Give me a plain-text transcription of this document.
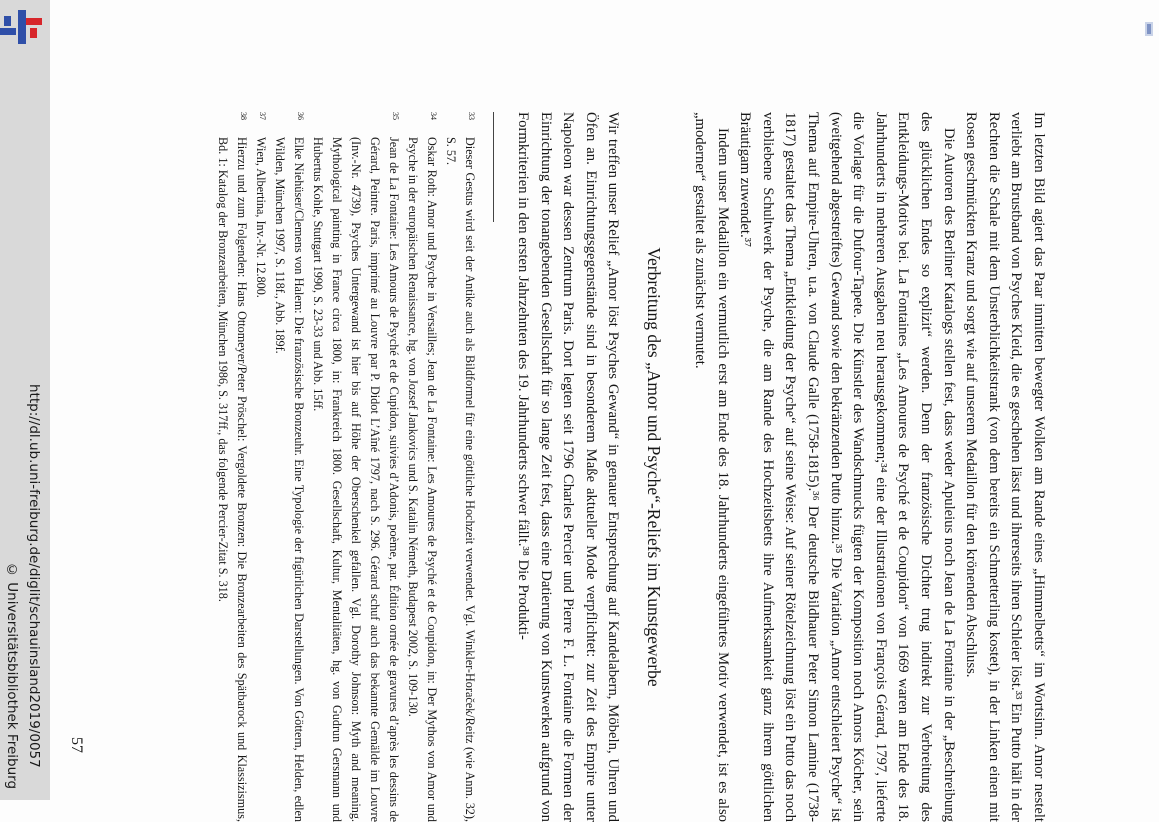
http://dl.ub.uni-freiburg.de/diglit/schauinsland2019/0057
© Universitätsbibliothek Freiburg	Im letzten Bild agiert das Paar inmitten bewegter Wolken am Rande eines „Himmelbetts“ im Wortsinn. Amor nestelt verliebt am Brustband von Psyches Kleid, die es geschehen lässt und ihrerseits ihren Schleier löst.³³ Ein Putto hält in der Rechten die Schale mit dem Unsterblichkeitstrank (von dem bereits ein Schmetterling kostet), in der Linken einen mit Rosen geschmückten Kranz und sorgt wie auf unserem Medaillon für den krönenden Abschluss.

Die Autoren des Berliner Katalogs stellen fest, dass weder Apuleius noch Jean de La Fontaine in der „Beschreibung des glücklichen Endes so explizit“ werden. Denn der französische Dichter trug indirekt zur Verbreitung des Entkleidungs-Motivs bei. La Fontaines „Les Amoures de Psyché et de Coupidon“ von 1669 waren am Ende des 18. Jahrhunderts in mehreren Ausgaben neu herausgekommen;³⁴ eine der Illustrationen von François Gérard, 1797, lieferte die Vorlage für die Dufour-Tapete. Die Künstler des Wandschmucks fügten der Komposition noch Amors Köcher, sein (weitgehend abgestreiftes) Gewand sowie den bekränzenden Putto hinzu.³⁵ Die Variation „Amor entschleiert Psyche“ ist Thema auf Empire-Uhren, u.a. von Claude Galle (1758-1815).³⁶ Der deutsche Bildhauer Peter Simon Lamine (1738-1817) gestaltet das Thema „Entkleidung der Psyche“ auf seine Weise: Auf seiner Rötelzeichnung löst ein Putto das noch verbliebene Schultwerk der Psyche, die am Rande des Hochzeitsbetts ihre Aufmerksamkeit ganz ihrem göttlichen Bräutigam zuwendet.³⁷

Indem unser Medaillon ein vermutlich erst am Ende des 18. Jahrhunderts eingeführtes Motiv verwendet, ist es also „moderner“ gestaltet als zunächst vermutet.

Verbreitung des „Amor und Psyche“-Reliefs im Kunstgewerbe

Wir treffen unser Relief „Amor löst Psyches Gewand“ in genauer Entsprechung auf Kandelabern, Möbeln, Uhren und Öfen an. Einrichtungsgegenstände sind in besonderem Maße aktueller Mode verpflichtet: zur Zeit des Empire unter Napoleon war dessen Zentrum Paris. Dort legten seit 1796 Charles Percier und Pierre F. L. Fontaine die Formen der Einrichtung der tonangebenden Gesellschaft für so lange Zeit fest, dass eine Datierung von Kunstwerken aufgrund von Formkriterien in den ersten Jahrzehnten des 19. Jahrhunderts schwer fällt.³⁸ Die Produkti-

33
Dieser Gestus wird seit der Antike auch als Bildformel für eine göttliche Hochzeit verwendet. Vgl. Winkler-Horaček/Reitz (wie Anm. 32), S. 57.

34
Oskar Roth: Amor und Psyche in Versailles; Jean de La Fontaine: Les Amoures de Psyché et de Coupidon, in: Der Mythos von Amor und Psyche in der europäischen Renaissance, hg. von Jozsef Jankovics und S. Katalin Németh, Budapest 2002, S. 109-130.

35
Jean de La Fontaine: Les Amours de Psyché et de Cupidon, suivies d’Adonis, poème, par. Édition ornée de gravures d’après les dessins de Gérard, Peintre. Paris, imprimé au Louvre par P. Didot L’Aîné 1797, nach S. 296. Gérard schuf auch das bekannte Gemälde im Louvre (Inv.-Nr. 4739), Psyches Untergewand ist hier bis auf Höhe der Oberschenkel gefallen. Vgl. Dorothy Johnson: Myth and meaning. Mythological painting in France circa 1800, in: Frankreich 1800. Gesellschaft, Kultur, Mentalitäten, hg. von Gudrun Gersmann und Hubertus Kohle, Stuttgart 1990, S. 23-33 und Abb. 15ff.

36
Elke Niehüser/Clemens von Halem: Die französische Bronzeuhr. Eine Typologie der figürlichen Darstellungen. Von Göttern, Helden, edlen Wilden, München 1997, S. 118f., Abb. 189f.

37
Wien, Albertina, Inv.-Nr. 12.800.

38
Hierzu und zum Folgenden: Hans Ottomeyer/Peter Pröschel: Vergoldete Bronzen: Die Bronzearbeiten des Spätbarock und Klassizismus, Bd. 1: Katalog der Bronzearbeiten, München 1986, S. 317ff., das folgende Percier-Zitat S. 318.

57
